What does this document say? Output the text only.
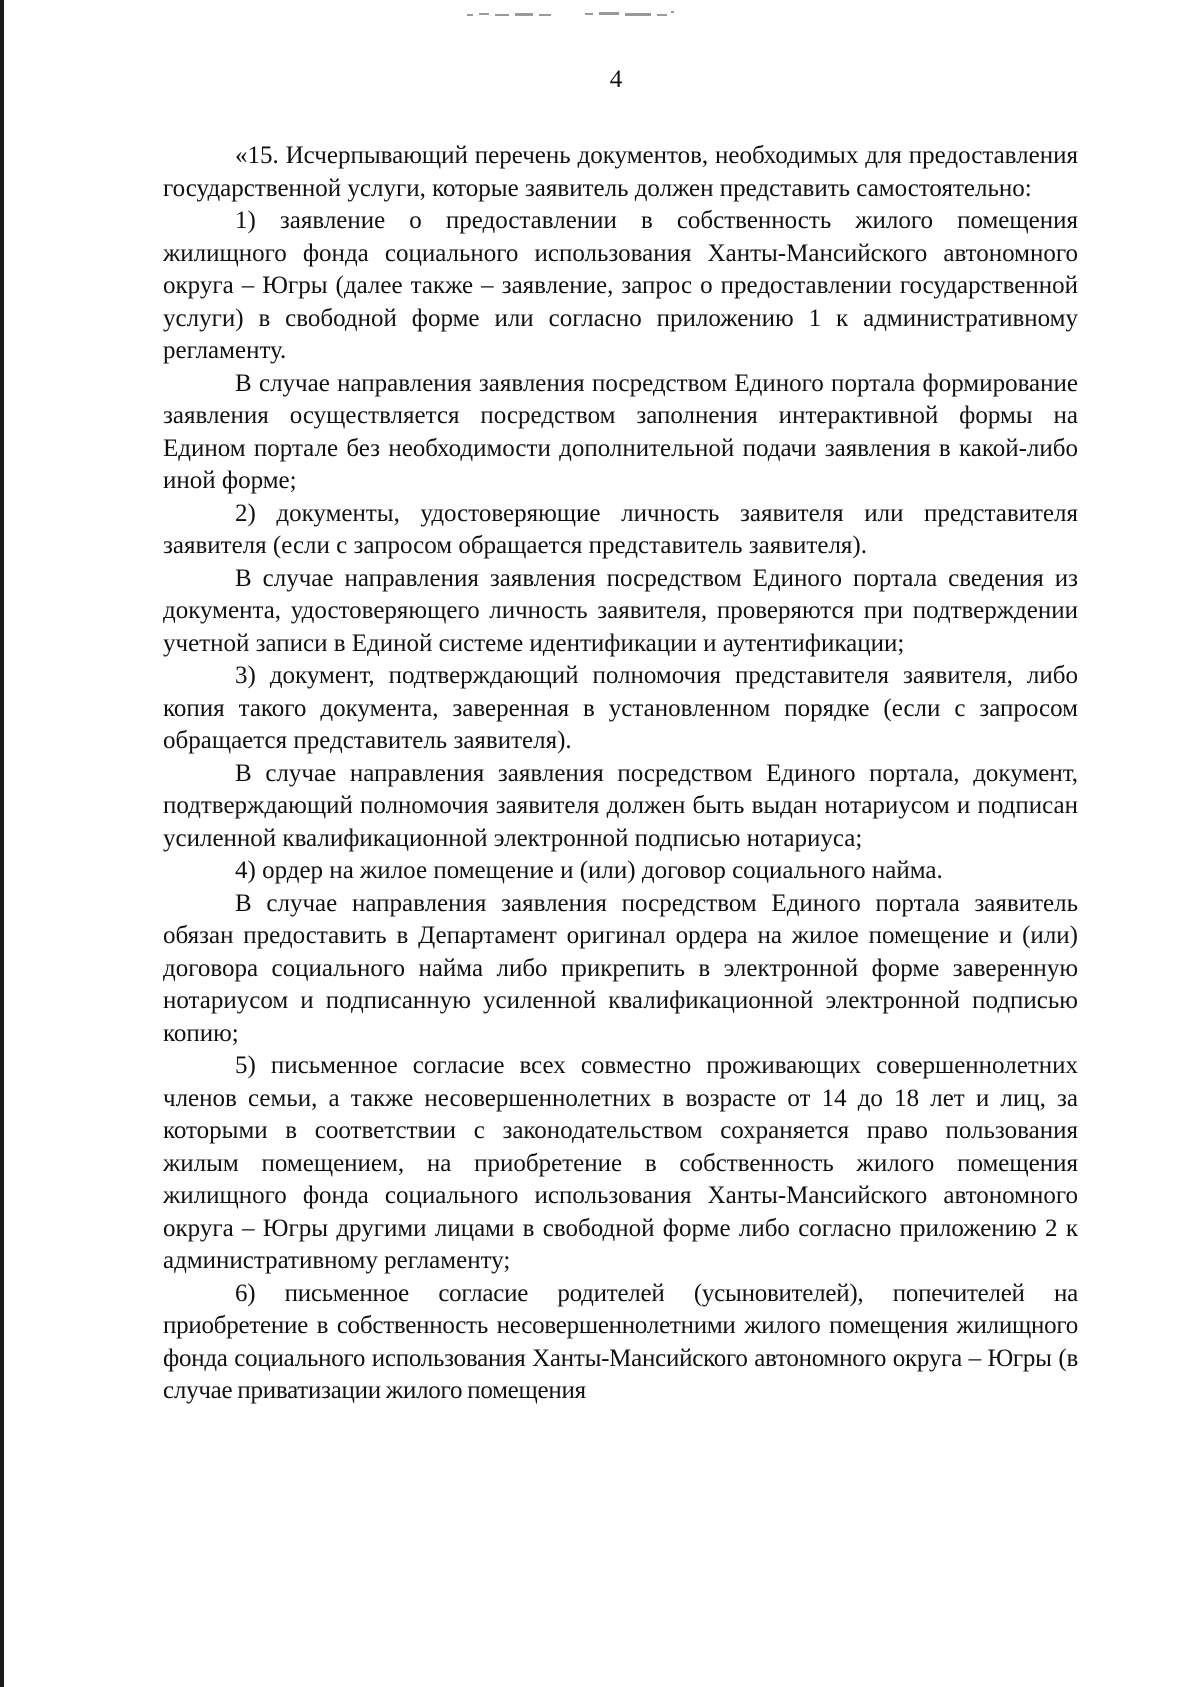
4

«15. Исчерпывающий перечень документов, необходимых для предоставления государственной услуги, которые заявитель должен представить самостоятельно:

1) заявление о предоставлении в собственность жилого помещения жилищного фонда социального использования Ханты-Мансийского автономного округа – Югры (далее также – заявление, запрос о предоставлении государственной услуги) в свободной форме или согласно приложению 1 к административному регламенту.

В случае направления заявления посредством Единого портала формирование заявления осуществляется посредством заполнения интерактивной формы на Едином портале без необходимости дополнительной подачи заявления в какой-либо иной форме;

2) документы, удостоверяющие личность заявителя или представителя заявителя (если с запросом обращается представитель заявителя).

В случае направления заявления посредством Единого портала сведения из документа, удостоверяющего личность заявителя, проверяются при подтверждении учетной записи в Единой системе идентификации и аутентификации;

3) документ, подтверждающий полномочия представителя заявителя, либо копия такого документа, заверенная в установленном порядке (если с запросом обращается представитель заявителя).

В случае направления заявления посредством Единого портала, документ, подтверждающий полномочия заявителя должен быть выдан нотариусом и подписан усиленной квалификационной электронной подписью нотариуса;

4) ордер на жилое помещение и (или) договор социального найма.

В случае направления заявления посредством Единого портала заявитель обязан предоставить в Департамент оригинал ордера на жилое помещение и (или) договора социального найма либо прикрепить в электронной форме заверенную нотариусом и подписанную усиленной квалификационной электронной подписью копию;

5) письменное согласие всех совместно проживающих совершеннолетних членов семьи, а также несовершеннолетних в возрасте от 14 до 18 лет и лиц, за которыми в соответствии с законодательством сохраняется право пользования жилым помещением, на приобретение в собственность жилого помещения жилищного фонда социального использования Ханты-Мансийского автономного округа – Югры другими лицами в свободной форме либо согласно приложению 2 к административному регламенту;

6) письменное согласие родителей (усыновителей), попечителей на приобретение в собственность несовершеннолетними жилого помещения жилищного фонда социального использования Ханты-Мансийского автономного округа – Югры (в случае приватизации жилого помещения
